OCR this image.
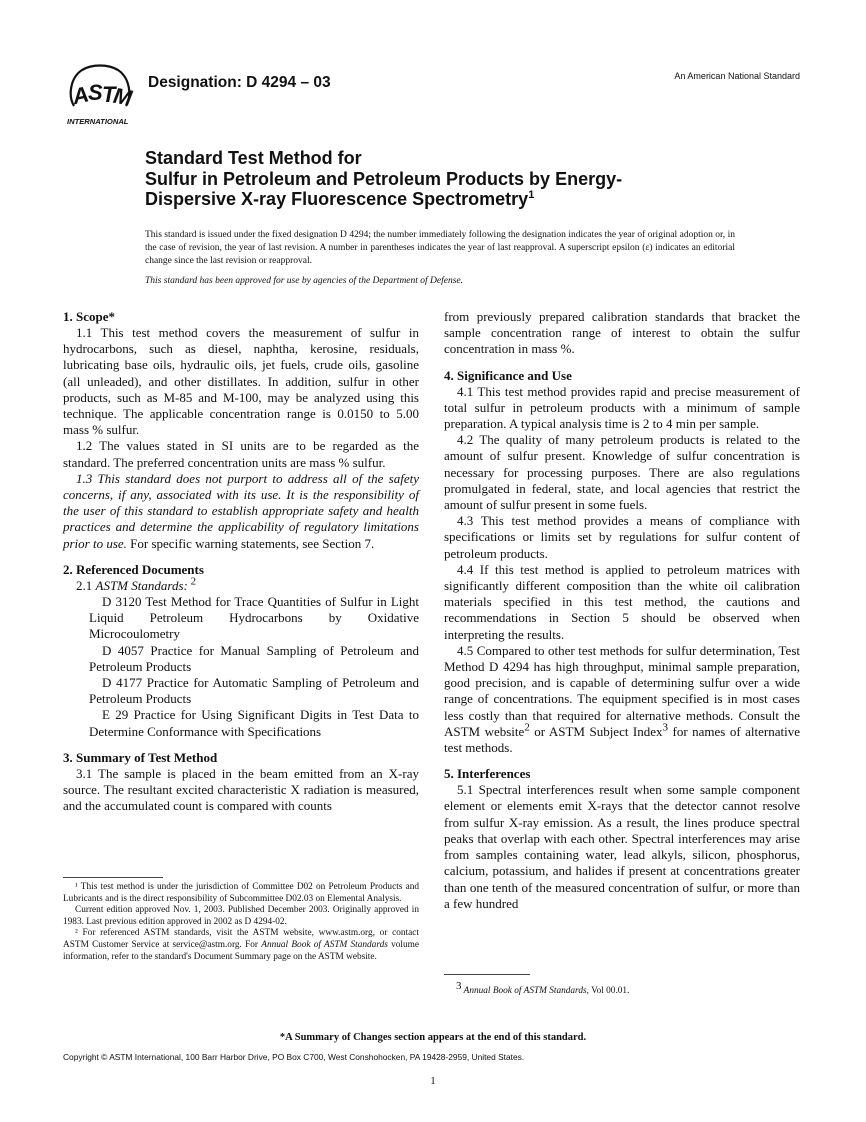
A
S T
M
INTERNATIONAL
Designation: D 4294 – 03	An American National Standard
Standard Test Method for
Sulfur in Petroleum and Petroleum Products by Energy-
Dispersive X-ray Fluorescence Spectrometry$^1$
This standard is issued under the fixed designation D 4294; the number immediately following the designation indicates the year of original adoption or, in the case of revision, the year of last revision. A number in parentheses indicates the year of last reapproval. A superscript epsilon (ε) indicates an editorial change since the last revision or reapproval.
This standard has been approved for use by agencies of the Department of Defense.
1. Scope*

1.1 This test method covers the measurement of sulfur in hydrocarbons, such as diesel, naphtha, kerosine, residuals, lubricating base oils, hydraulic oils, jet fuels, crude oils, gasoline (all unleaded), and other distillates. In addition, sulfur in other products, such as M-85 and M-100, may be analyzed using this technique. The applicable concentration range is 0.0150 to 5.00 mass % sulfur.

1.2 The values stated in SI units are to be regarded as the standard. The preferred concentration units are mass % sulfur.

1.3 This standard does not purport to address all of the safety concerns, if any, associated with its use. It is the responsibility of the user of this standard to establish appropriate safety and health practices and determine the applicability of regulatory limitations prior to use. For specific warning statements, see Section 7.

2. Referenced Documents

2.1 ASTM Standards: $^2$

D 3120 Test Method for Trace Quantities of Sulfur in Light Liquid Petroleum Hydrocarbons by Oxidative Microcoulometry

D 4057 Practice for Manual Sampling of Petroleum and Petroleum Products

D 4177 Practice for Automatic Sampling of Petroleum and Petroleum Products

E 29 Practice for Using Significant Digits in Test Data to Determine Conformance with Specifications

3. Summary of Test Method

3.1 The sample is placed in the beam emitted from an X-ray source. The resultant excited characteristic X radiation is measured, and the accumulated count is compared with counts

from previously prepared calibration standards that bracket the sample concentration range of interest to obtain the sulfur concentration in mass %.

4. Significance and Use

4.1 This test method provides rapid and precise measurement of total sulfur in petroleum products with a minimum of sample preparation. A typical analysis time is 2 to 4 min per sample.

4.2 The quality of many petroleum products is related to the amount of sulfur present. Knowledge of sulfur concentration is necessary for processing purposes. There are also regulations promulgated in federal, state, and local agencies that restrict the amount of sulfur present in some fuels.

4.3 This test method provides a means of compliance with specifications or limits set by regulations for sulfur content of petroleum products.

4.4 If this test method is applied to petroleum matrices with significantly different composition than the white oil calibration materials specified in this test method, the cautions and recommendations in Section 5 should be observed when interpreting the results.

4.5 Compared to other test methods for sulfur determination, Test Method D 4294 has high throughput, minimal sample preparation, good precision, and is capable of determining sulfur over a wide range of concentrations. The equipment specified is in most cases less costly than that required for alternative methods. Consult the ASTM website$^2$ or ASTM Subject Index$^3$ for names of alternative test methods.

5. Interferences

5.1 Spectral interferences result when some sample component element or elements emit X-rays that the detector cannot resolve from sulfur X-ray emission. As a result, the lines produce spectral peaks that overlap with each other. Spectral interferences may arise from samples containing water, lead alkyls, silicon, phosphorus, calcium, potassium, and halides if present at concentrations greater than one tenth of the measured concentration of sulfur, or more than a few hundred

¹ This test method is under the jurisdiction of Committee D02 on Petroleum Products and Lubricants and is the direct responsibility of Subcommittee D02.03 on Elemental Analysis.

Current edition approved Nov. 1, 2003. Published December 2003. Originally approved in 1983. Last previous edition approved in 2002 as D 4294-02.

² For referenced ASTM standards, visit the ASTM website, www.astm.org, or contact ASTM Customer Service at service@astm.org. For Annual Book of ASTM Standards volume information, refer to the standard's Document Summary page on the ASTM website.

3 Annual Book of ASTM Standards, Vol 00.01.
*A Summary of Changes section appears at the end of this standard.
Copyright © ASTM International, 100 Barr Harbor Drive, PO Box C700, West Conshohocken, PA 19428-2959, United States.
1
